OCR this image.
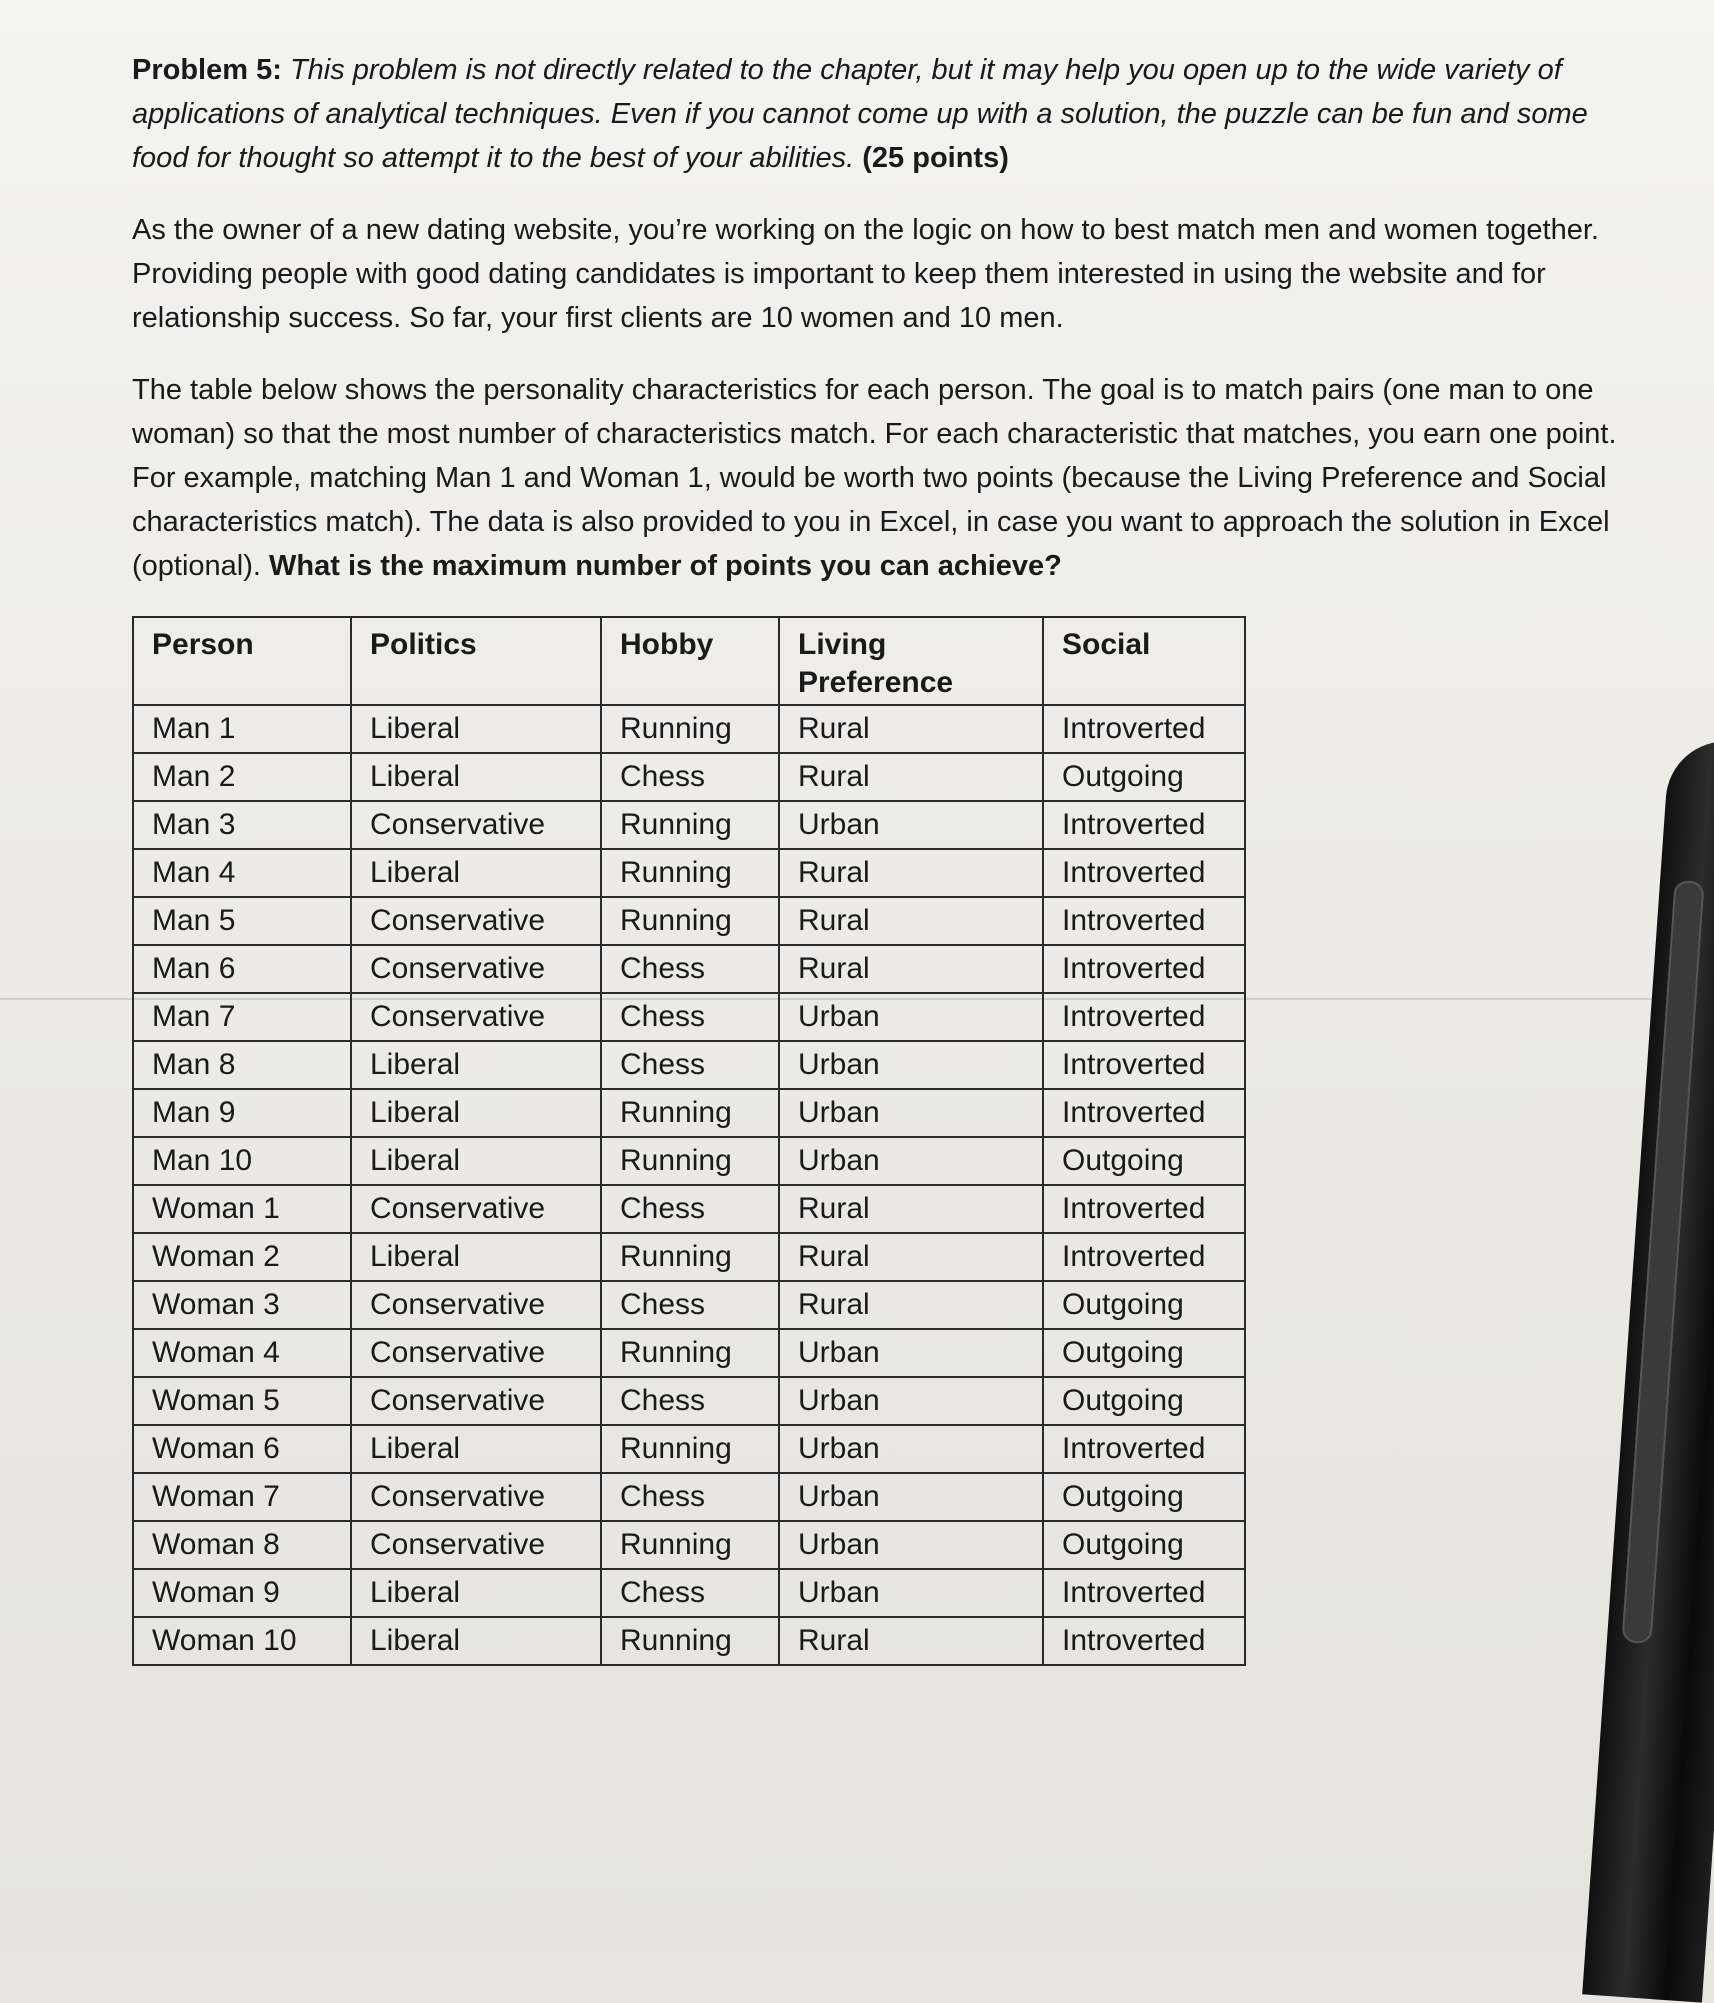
Problem 5: This problem is not directly related to the chapter, but it may help you open up to the wide variety of applications of analytical techniques. Even if you cannot come up with a solution, the puzzle can be fun and some food for thought so attempt it to the best of your abilities. (25 points)

As the owner of a new dating website, you’re working on the logic on how to best match men and women together. Providing people with good dating candidates is important to keep them interested in using the website and for relationship success. So far, your first clients are 10 women and 10 men.

The table below shows the personality characteristics for each person. The goal is to match pairs (one man to one woman) so that the most number of characteristics match. For each characteristic that matches, you earn one point. For example, matching Man 1 and Woman 1, would be worth two points (because the Living Preference and Social characteristics match). The data is also provided to you in Excel, in case you want to approach the solution in Excel (optional). What is the maximum number of points you can achieve?

Person	Politics	Hobby	Living Preference	Social
Man 1	Liberal	Running	Rural	Introverted
Man 2	Liberal	Chess	Rural	Outgoing
Man 3	Conservative	Running	Urban	Introverted
Man 4	Liberal	Running	Rural	Introverted
Man 5	Conservative	Running	Rural	Introverted
Man 6	Conservative	Chess	Rural	Introverted
Man 7	Conservative	Chess	Urban	Introverted
Man 8	Liberal	Chess	Urban	Introverted
Man 9	Liberal	Running	Urban	Introverted
Man 10	Liberal	Running	Urban	Outgoing
Woman 1	Conservative	Chess	Rural	Introverted
Woman 2	Liberal	Running	Rural	Introverted
Woman 3	Conservative	Chess	Rural	Outgoing
Woman 4	Conservative	Running	Urban	Outgoing
Woman 5	Conservative	Chess	Urban	Outgoing
Woman 6	Liberal	Running	Urban	Introverted
Woman 7	Conservative	Chess	Urban	Outgoing
Woman 8	Conservative	Running	Urban	Outgoing
Woman 9	Liberal	Chess	Urban	Introverted
Woman 10	Liberal	Running	Rural	Introverted
